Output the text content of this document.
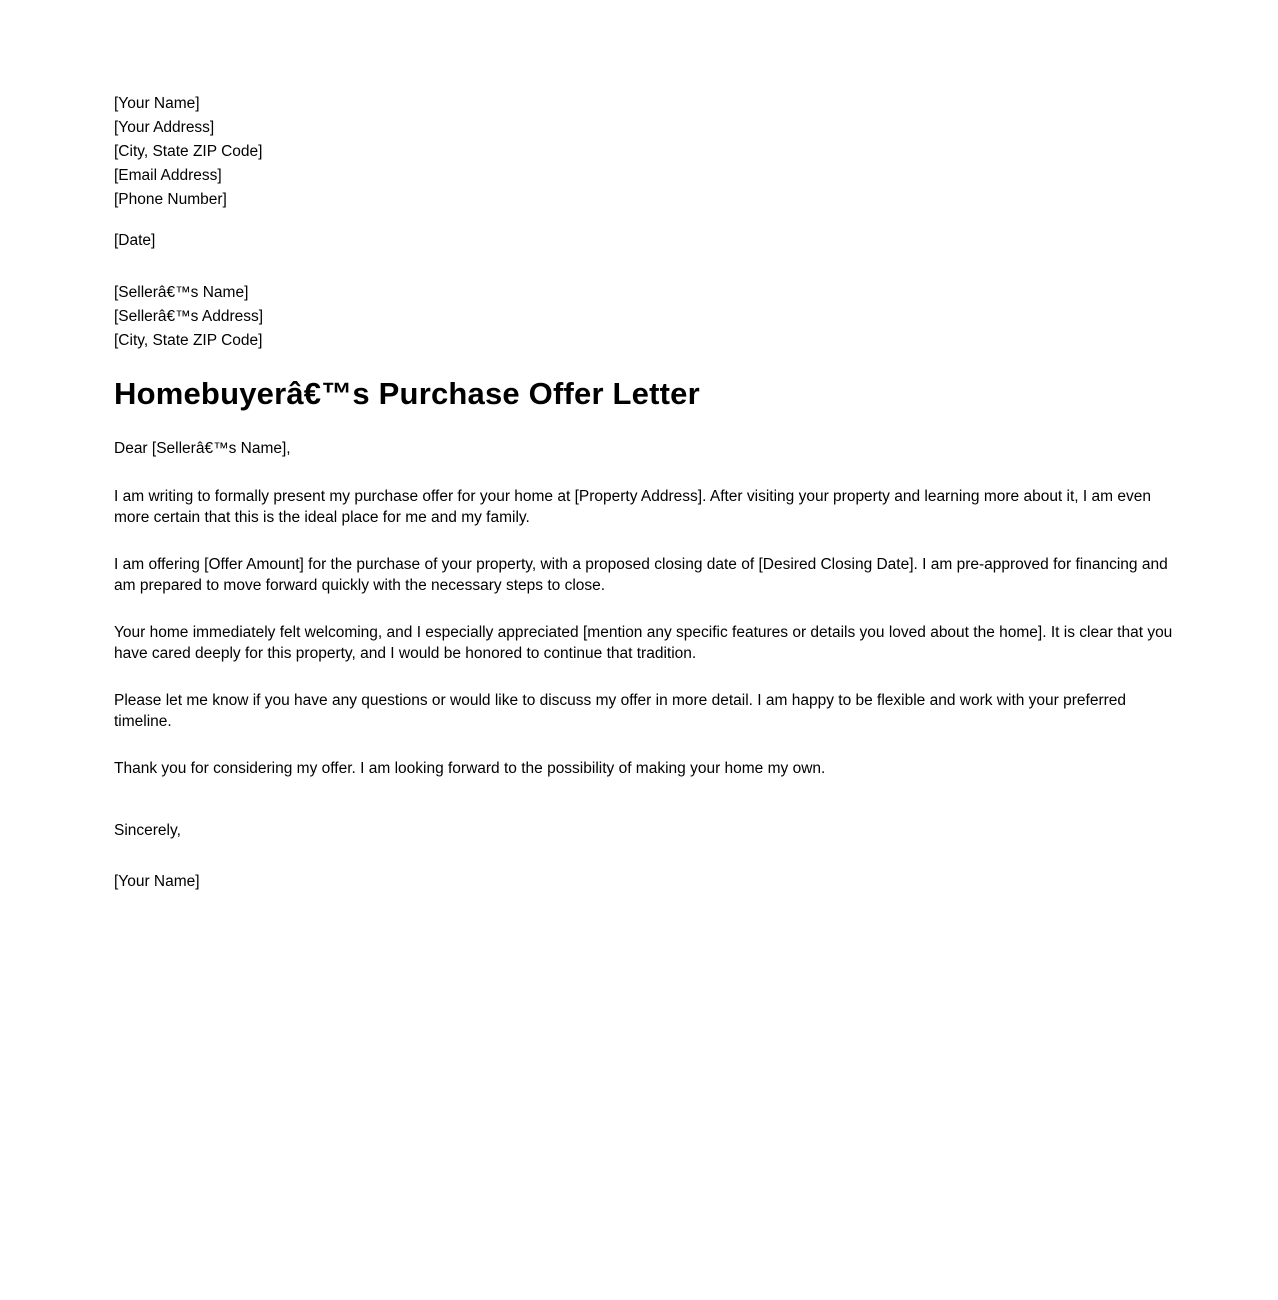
[Your Name]

[Your Address]

[City, State ZIP Code]

[Email Address]

[Phone Number]

[Date]

[Sellerâ€™s Name]

[Sellerâ€™s Address]

[City, State ZIP Code]

Homebuyerâ€™s Purchase Offer Letter

Dear [Sellerâ€™s Name],

I am writing to formally present my purchase offer for your home at [Property Address]. After visiting your property and learning more about it, I am even more certain that this is the ideal place for me and my family.

I am offering [Offer Amount] for the purchase of your property, with a proposed closing date of [Desired Closing Date]. I am pre-approved for financing and am prepared to move forward quickly with the necessary steps to close.

Your home immediately felt welcoming, and I especially appreciated [mention any specific features or details you loved about the home]. It is clear that you have cared deeply for this property, and I would be honored to continue that tradition.

Please let me know if you have any questions or would like to discuss my offer in more detail. I am happy to be flexible and work with your preferred timeline.

Thank you for considering my offer. I am looking forward to the possibility of making your home my own.

Sincerely,

[Your Name]
